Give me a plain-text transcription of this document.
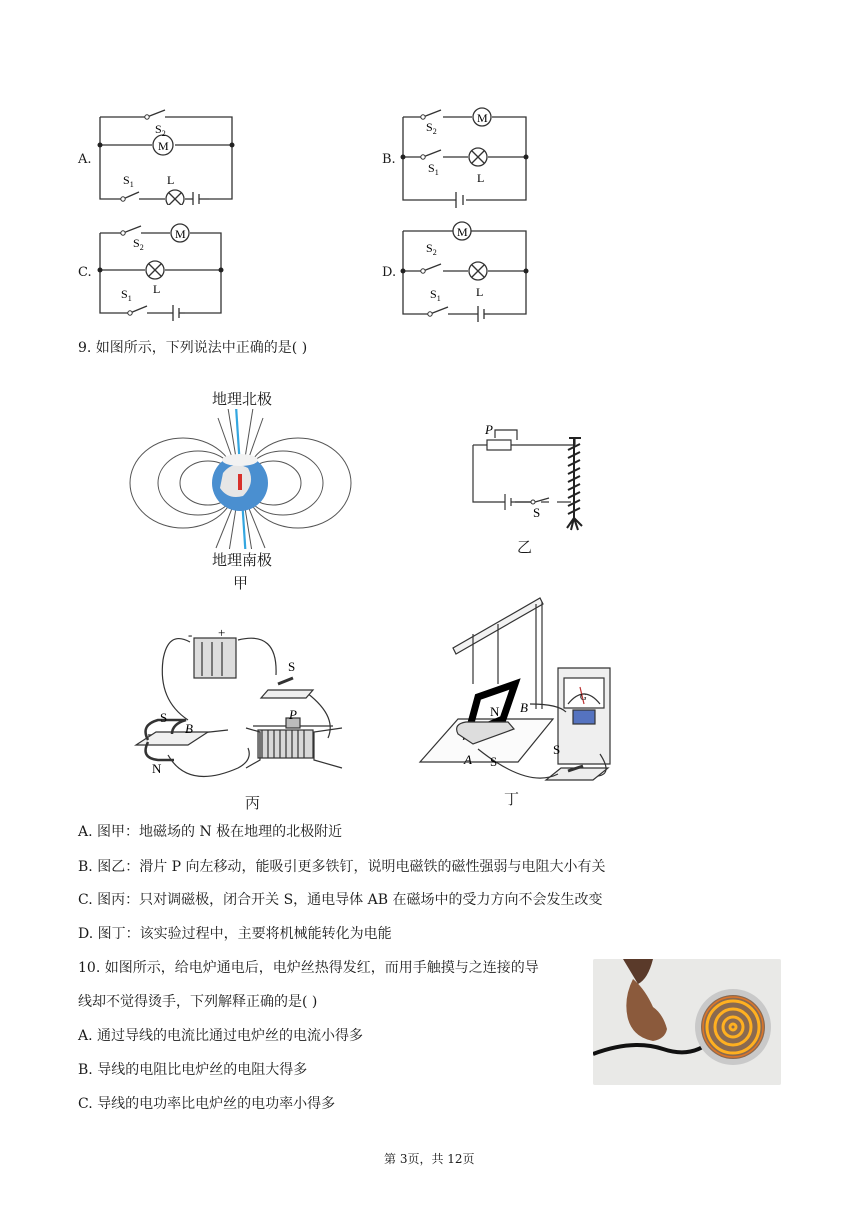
A.
M
$S_2$
$S_1$	L
B.
M
$S_2$
$S_1$	L
C.
M
$S_2$
$S_1$
L
D.
M
$S_2$
$S_1$	L
9. 如图所示，下列说法中正确的是( )
地理北极
地理南极
甲
P
S
乙
+
-
S
P
S
B
N
丙
N B
A S
S
G
丁
A. 图甲：地磁场的 N 极在地理的北极附近
B. 图乙：滑片 P 向左移动，能吸引更多铁钉，说明电磁铁的磁性强弱与电阻大小有关
C. 图丙：只对调磁极，闭合开关 S，通电导体 AB 在磁场中的受力方向不会发生改变
D. 图丁：该实验过程中，主要将机械能转化为电能
10. 如图所示，给电炉通电后，电炉丝热得发红，而用手触摸与之连接的导
线却不觉得烫手，下列解释正确的是( )
A. 通过导线的电流比通过电炉丝的电流小得多
B. 导线的电阻比电炉丝的电阻大得多
C. 导线的电功率比电炉丝的电功率小得多
第 3页，共 12页
